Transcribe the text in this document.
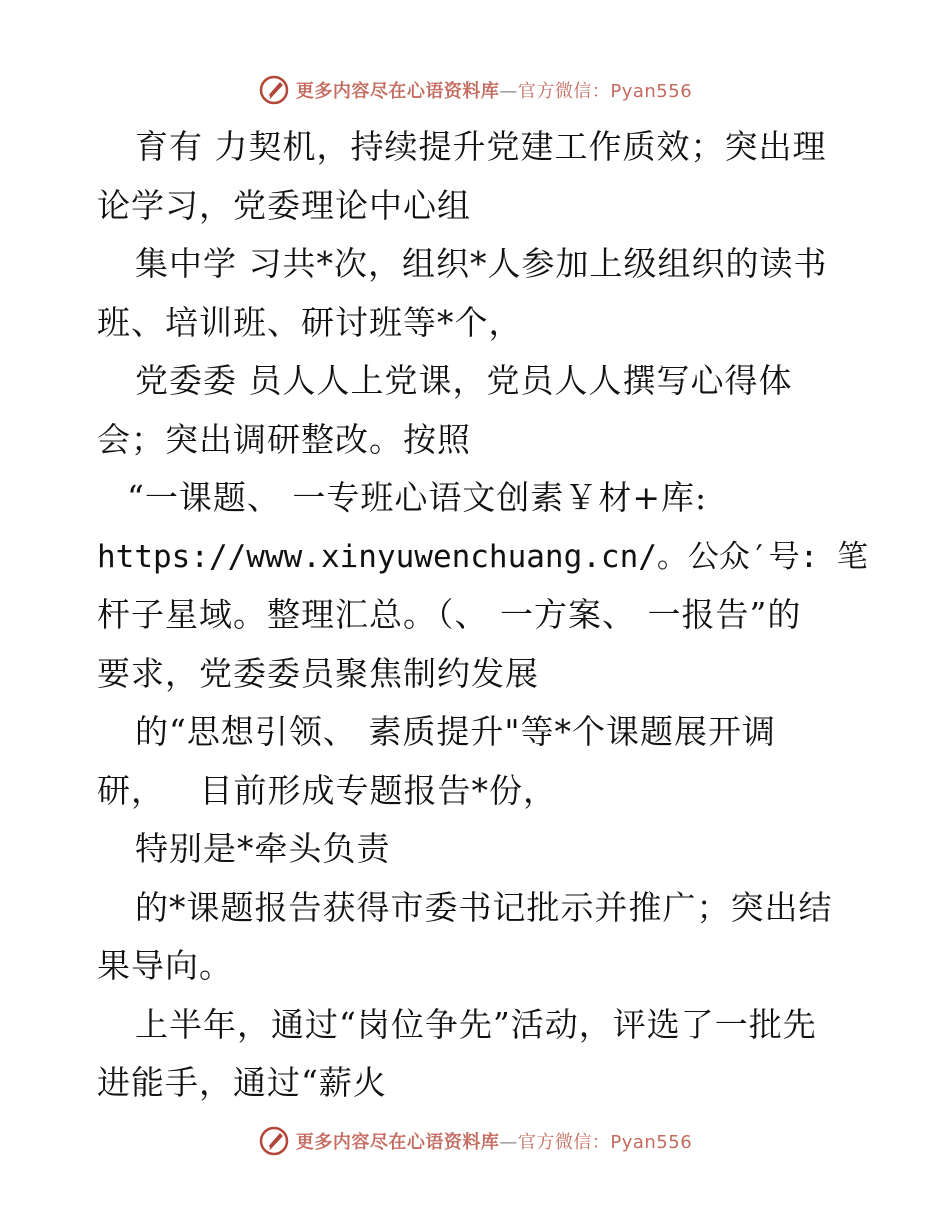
更多内容尽在心语资料库—官方微信：Pyan556
育有 力契机，持续提升党建工作质效；突出理
论学习，党委理论中心组
集中学 习共*次，组织*人参加上级组织的读书
班、培训班、研讨班等*个，
党委委 员人人上党课，党员人人撰写心得体
会；突出调研整改。按照
“一课题、 一专班心语文创素￥材+库:
https://www.xinyuwenchuang.cn/。公众′号: 笔
杆子星域。整理汇总。（、 一方案、 一报告”的
要求，党委委员聚焦制约发展
的“思想引领、 素质提升"等*个课题展开调
研，   目前形成专题报告*份，
特别是*牵头负责
的*课题报告获得市委书记批示并推广；突出结
果导向。
上半年，通过“岗位争先”活动，评选了一批先
进能手，通过“薪火
更多内容尽在心语资料库—官方微信：Pyan556
